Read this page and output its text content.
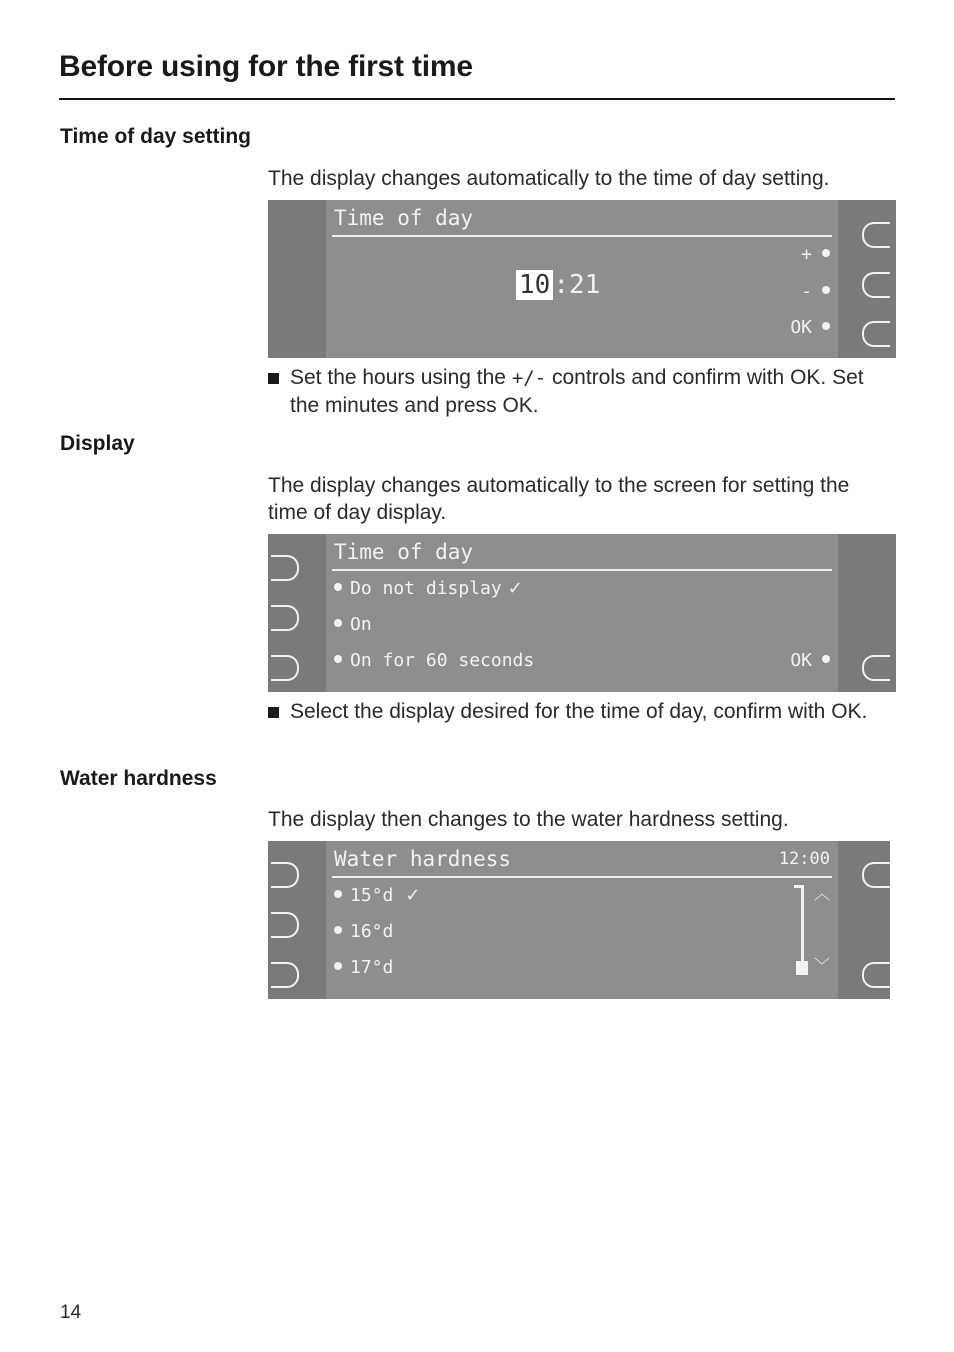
Before using for the first time
Time of day setting

The display changes automatically to the time of day setting.

Time of day
10 :21
+
-
OK
Set the hours using the +/- controls and confirm with OK. Set the minutes and press OK.
Display

The display changes automatically to the screen for setting the time of day display.

Time of day
Do not display ✓
On
On for 60 seconds	OK
Select the display desired for the time of day, confirm with OK.
Water hardness

The display then changes to the water hardness setting.

Water hardness	12:00
15°d ✓
16°d
17°d
︿
﹀
14
